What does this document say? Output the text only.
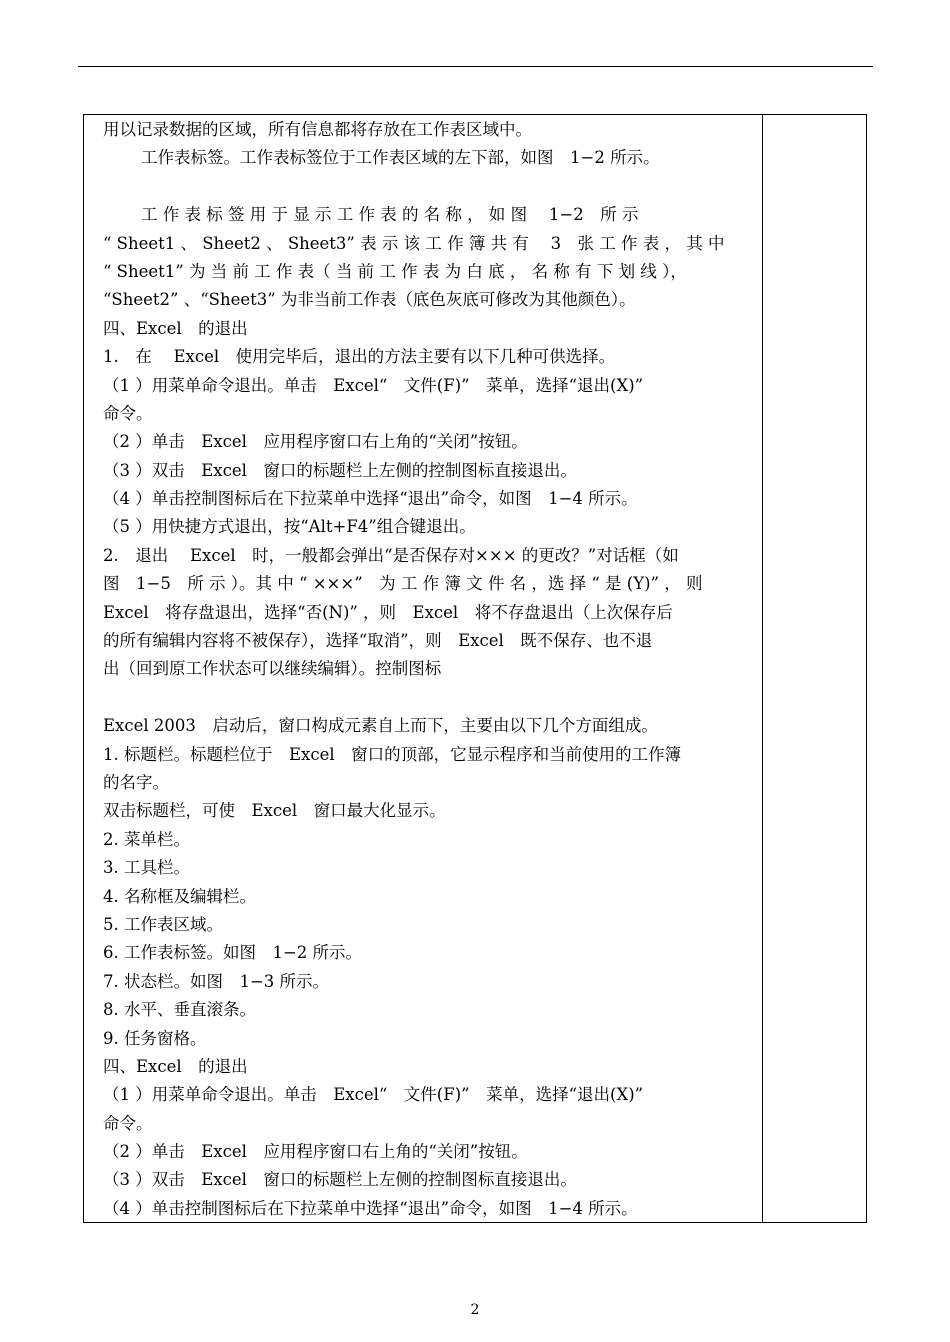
用以记录数据的区域，所有信息都将存放在工作表区域中。
工作表标签。工作表标签位于工作表区域的左下部，如图　1−2 所示。
工 作 表 标 签 用 于 显 示 工 作 表 的 名 称 ， 如 图　 1−2　所 示
“ Sheet1 、 Sheet2 、 Sheet3” 表 示 该 工 作 簿 共 有　 3　张 工 作 表 ， 其 中
“ Sheet1” 为 当 前 工 作 表（ 当 前 工 作 表 为 白 底 ， 名 称 有 下 划 线 ），
“Sheet2” 、“Sheet3” 为非当前工作表（底色灰底可修改为其他颜色）。
四、Excel　的退出
1.　在　 Excel　使用完毕后，退出的方法主要有以下几种可供选择。
（1 ）用菜单命令退出。单击　Excel“　文件(F)”　菜单，选择“退出(X)”
命令。
（2 ）单击　Excel　应用程序窗口右上角的“关闭”按钮。
（3 ）双击　Excel　窗口的标题栏上左侧的控制图标直接退出。
（4 ）单击控制图标后在下拉菜单中选择“退出”命令，如图　1−4 所示。
（5 ）用快捷方式退出，按“Alt+F4”组合键退出。
2.　退出　 Excel　时，一般都会弹出“是否保存对××× 的更改？”对话框（如
图　1−5　所 示 ）。其 中 “ ×××”　为 工 作 簿 文 件 名 ，选 择 “ 是 (Y)” ， 则
Excel　将存盘退出，选择“否(N)” ，则　Excel　将不存盘退出（上次保存后
的所有编辑内容将不被保存），选择“取消”，则　Excel　既不保存、也不退
出（回到原工作状态可以继续编辑）。控制图标
Excel 2003　启动后，窗口构成元素自上而下，主要由以下几个方面组成。
1. 标题栏。标题栏位于　Excel　窗口的顶部，它显示程序和当前使用的工作簿
的名字。
双击标题栏，可使　Excel　窗口最大化显示。
2. 菜单栏。
3. 工具栏。
4. 名称框及编辑栏。
5. 工作表区域。
6. 工作表标签。如图　1−2 所示。
7. 状态栏。如图　1−3 所示。
8. 水平、垂直滚条。
9. 任务窗格。
四、Excel　的退出
（1 ）用菜单命令退出。单击　Excel“　文件(F)”　菜单，选择“退出(X)”
命令。
（2 ）单击　Excel　应用程序窗口右上角的“关闭”按钮。
（3 ）双击　Excel　窗口的标题栏上左侧的控制图标直接退出。
（4 ）单击控制图标后在下拉菜单中选择“退出”命令，如图　1−4 所示。
2
